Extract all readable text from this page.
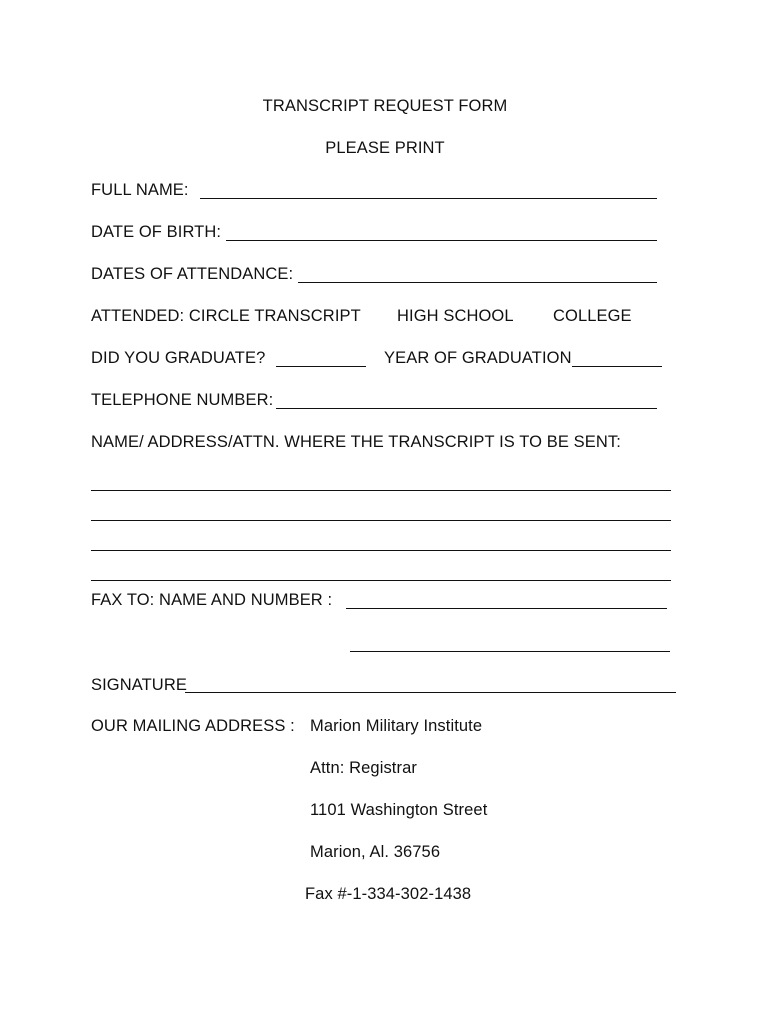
TRANSCRIPT REQUEST FORM
PLEASE PRINT
FULL NAME:
DATE OF BIRTH:
DATES OF ATTENDANCE:
ATTENDED: CIRCLE TRANSCRIPT HIGH SCHOOL COLLEGE
DID YOU GRADUATE?	YEAR OF GRADUATION
TELEPHONE NUMBER:
NAME/ ADDRESS/ATTN. WHERE THE TRANSCRIPT IS TO BE SENT:
FAX TO: NAME AND NUMBER :
SIGNATURE
OUR MAILING ADDRESS : Marion Military Institute
Attn: Registrar
1101 Washington Street
Marion, Al. 36756
Fax #-1-334-302-1438
